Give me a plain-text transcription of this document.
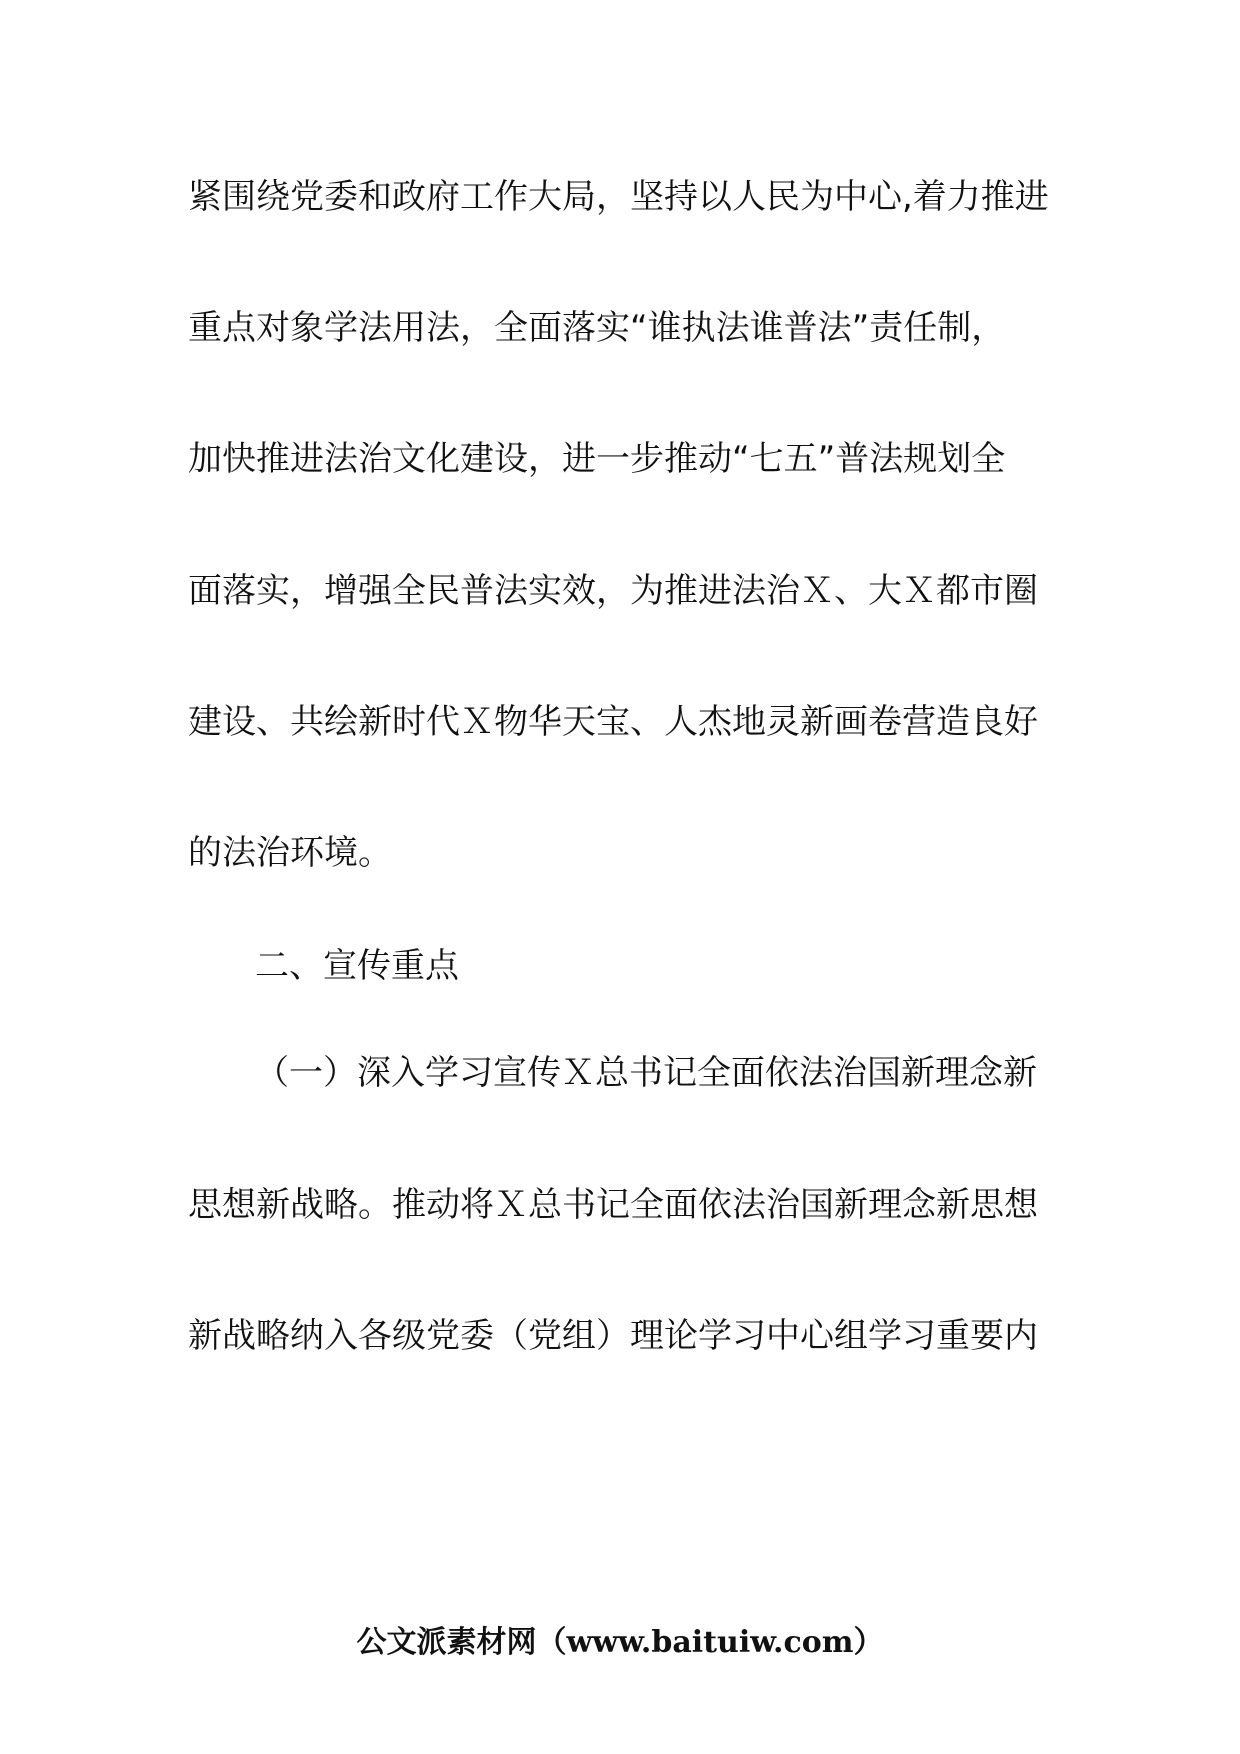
紧围绕党委和政府工作大局，坚持以人民为中心,着力推进
重点对象学法用法，全面落实“谁执法谁普法”责任制，
加快推进法治文化建设，进一步推动“七五”普法规划全
面落实，增强全民普法实效，为推进法治Ｘ、大Ｘ都市圈
建设、共绘新时代Ｘ物华天宝、人杰地灵新画卷营造良好
的法治环境。
二、宣传重点
（一）深入学习宣传Ｘ总书记全面依法治国新理念新
思想新战略。推动将Ｘ总书记全面依法治国新理念新思想
新战略纳入各级党委（党组）理论学习中心组学习重要内
公文派素材网（www.baituiw.com）
